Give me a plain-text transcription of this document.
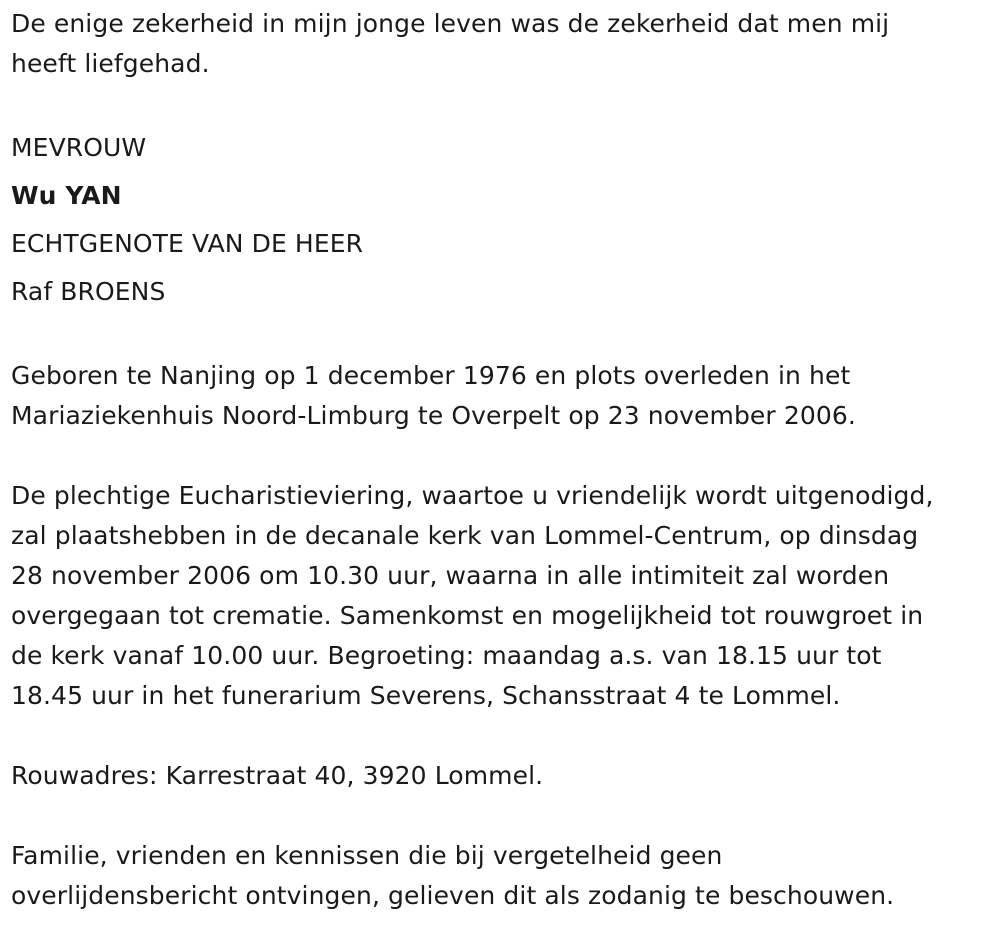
De enige zekerheid in mijn jonge leven was de zekerheid dat men mij

heeft liefgehad.

MEVROUW

Wu YAN

ECHTGENOTE VAN DE HEER

Raf BROENS

Geboren te Nanjing op 1 december 1976 en plots overleden in het

Mariaziekenhuis Noord-Limburg te Overpelt op 23 november 2006.

De plechtige Eucharistieviering, waartoe u vriendelijk wordt uitgenodigd,

zal plaatshebben in de decanale kerk van Lommel-Centrum, op dinsdag

28 november 2006 om 10.30 uur, waarna in alle intimiteit zal worden

overgegaan tot crematie. Samenkomst en mogelijkheid tot rouwgroet in

de kerk vanaf 10.00 uur. Begroeting: maandag a.s. van 18.15 uur tot

18.45 uur in het funerarium Severens, Schansstraat 4 te Lommel.

Rouwadres: Karrestraat 40, 3920 Lommel.

Familie, vrienden en kennissen die bij vergetelheid geen

overlijdensbericht ontvingen, gelieven dit als zodanig te beschouwen.
